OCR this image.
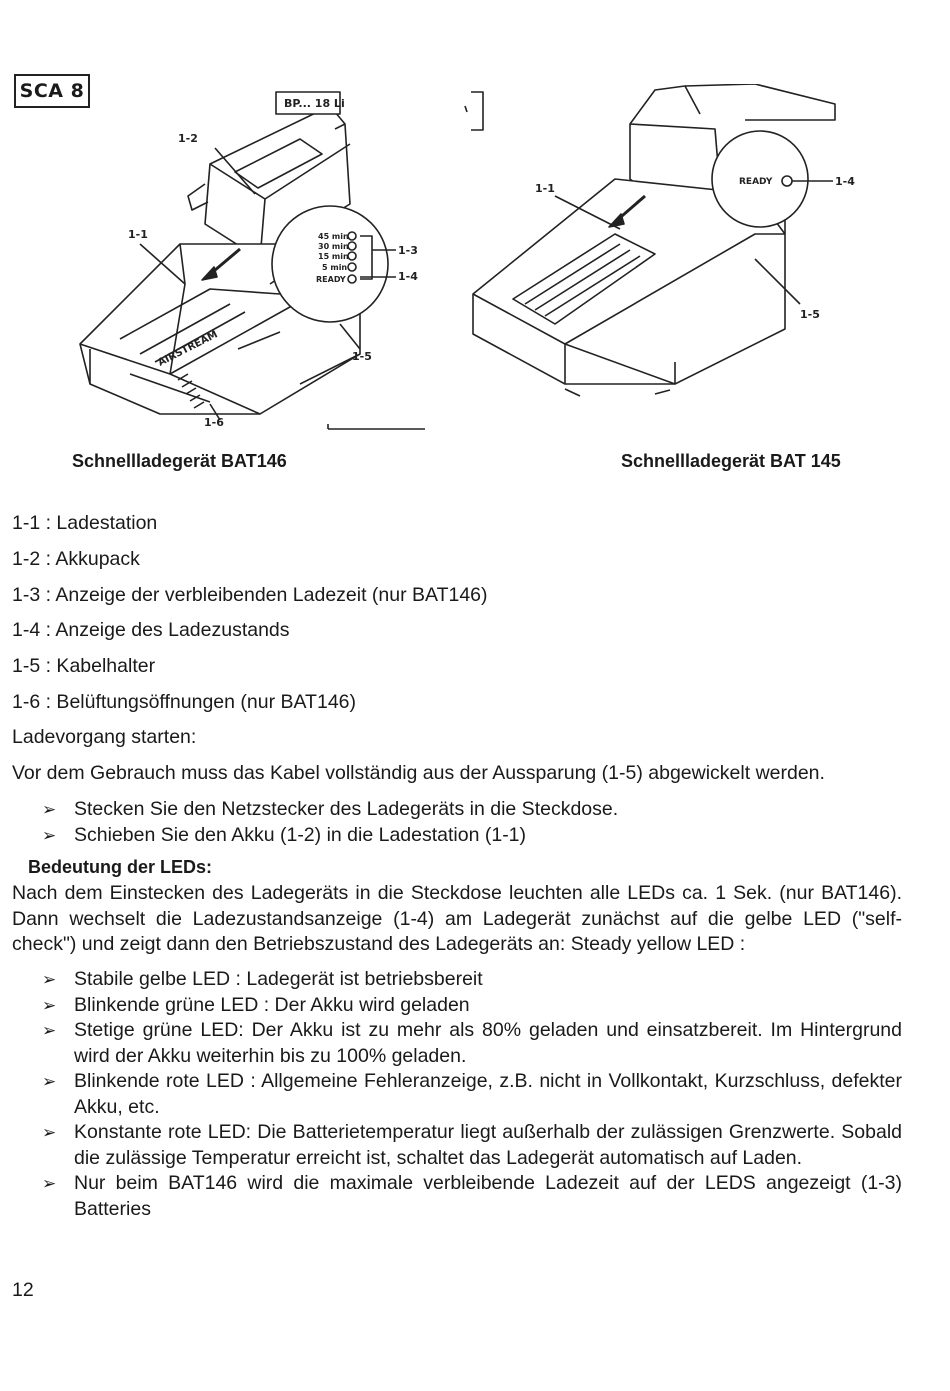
SCA 8
BP... 18 Li
45 min
30 min
15 min
5 min
READY
1-2
1-1
1-3
1-4
1-5
1-6
AIRSTREAM
READY
1-1
1-4
1-5
Schnellladegerät BAT146	Schnellladegerät BAT 145
1-1 : Ladestation
1-2 : Akkupack
1-3 : Anzeige der verbleibenden Ladezeit (nur BAT146)
1-4 : Anzeige des Ladezustands
1-5 : Kabelhalter
1-6 : Belüftungsöffnungen (nur BAT146)
Ladevorgang starten:
Vor dem Gebrauch muss das Kabel vollständig aus der Aussparung (1-5) abgewickelt werden.
➢ Stecken Sie den Netzstecker des Ladegeräts in die Steckdose.
➢ Schieben Sie den Akku (1-2) in die Ladestation (1-1)
Bedeutung der LEDs:
Nach dem Einstecken des Ladegeräts in die Steckdose leuchten alle LEDs ca. 1 Sek. (nur BAT146). Dann wechselt die Ladezustandsanzeige (1-4) am Ladegerät zunächst auf die gelbe LED ("self-check") und zeigt dann den Betriebszustand des Ladegeräts an: Steady yellow LED :
➢ Stabile gelbe LED : Ladegerät ist betriebsbereit
➢ Blinkende grüne LED : Der Akku wird geladen
➢ Stetige grüne LED: Der Akku ist zu mehr als 80% geladen und einsatzbereit. Im Hintergrund wird der Akku weiterhin bis zu 100% geladen.
➢ Blinkende rote LED : Allgemeine Fehleranzeige, z.B. nicht in Vollkontakt, Kurzschluss, defekter Akku, etc.
➢ Konstante rote LED: Die Batterietemperatur liegt außerhalb der zulässigen Grenzwerte. Sobald die zulässige Temperatur erreicht ist, schaltet das Ladegerät automatisch auf Laden.
➢ Nur beim BAT146 wird die maximale verbleibende Ladezeit auf der LEDS angezeigt (1-3) Batteries
12
